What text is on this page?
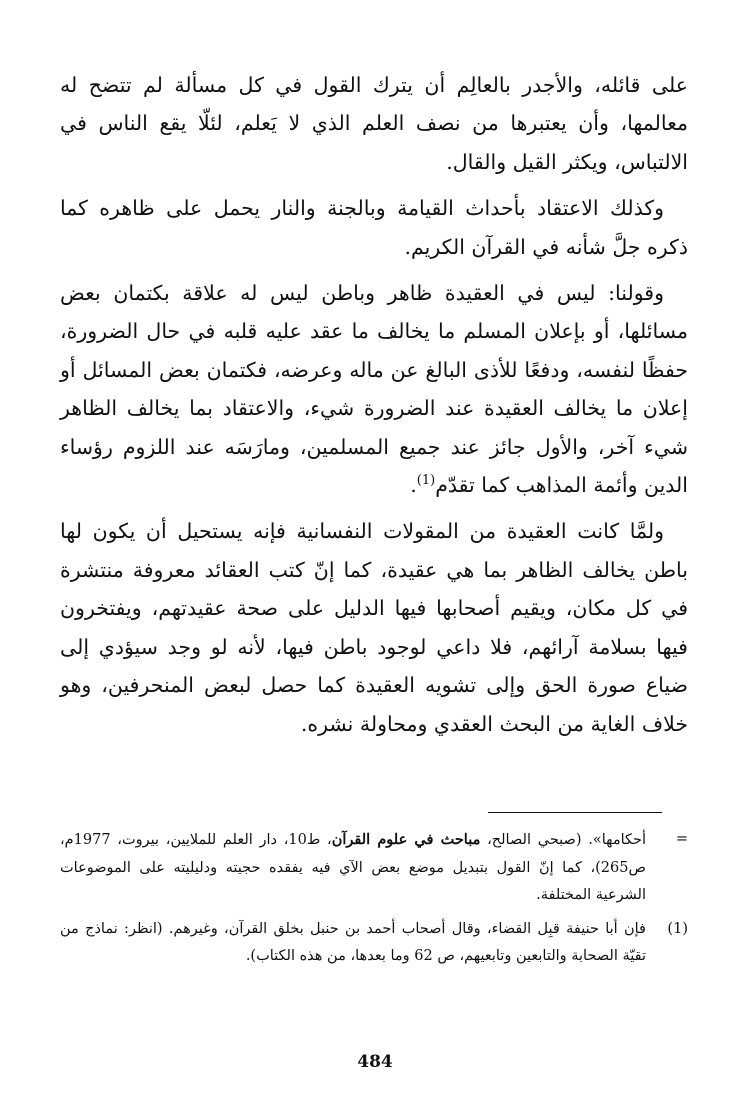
على قائله، والأجدر بالعالِم أن يترك القول في كل مسألة لم تتضح له معالمها، وأن يعتبرها من نصف العلم الذي لا يَعلم، لئلّا يقع الناس في الالتباس، ويكثر القيل والقال.

وكذلك الاعتقاد بأحداث القيامة وبالجنة والنار يحمل على ظاهره كما ذكره جلَّ شأنه في القرآن الكريم.

وقولنا: ليس في العقيدة ظاهر وباطن ليس له علاقة بكتمان بعض مسائلها، أو بإعلان المسلم ما يخالف ما عقد عليه قلبه في حال الضرورة، حفظًا لنفسه، ودفعًا للأذى البالغ عن ماله وعرضه، فكتمان بعض المسائل أو إعلان ما يخالف العقيدة عند الضرورة شيء، والاعتقاد بما يخالف الظاهر شيء آخر، والأول جائز عند جميع المسلمين، ومارَسَه عند اللزوم رؤساء الدين وأئمة المذاهب كما تقدّم$^{(1)}$.

ولمَّا كانت العقيدة من المقولات النفسانية فإنه يستحيل أن يكون لها باطن يخالف الظاهر بما هي عقيدة، كما إنّ كتب العقائد معروفة منتشرة في كل مكان، ويقيم أصحابها فيها الدليل على صحة عقيدتهم، ويفتخرون فيها بسلامة آرائهم، فلا داعي لوجود باطن فيها، لأنه لو وجد سيؤدي إلى ضياع صورة الحق وإلى تشويه العقيدة كما حصل لبعض المنحرفين، وهو خلاف الغاية من البحث العقدي ومحاولة نشره.

=
أحكامها». (صبحي الصالح، مباحث في علوم القرآن، ط10، دار العلم للملايين، بيروت، 1977م، ص265)، كما إنّ القول بتبديل موضع بعض الآي فيه يفقده حجيته ودليليته على الموضوعات الشرعية المختلفة.
(1)
فإن أبا حنيفة قبِل القضاء، وقال أصحاب أحمد بن حنبل بخلق القرآن، وغيرهم. (انظر: نماذج من تقيّة الصحابة والتابعين وتابعيهم، ص 62 وما بعدها، من هذه الكتاب).
484
